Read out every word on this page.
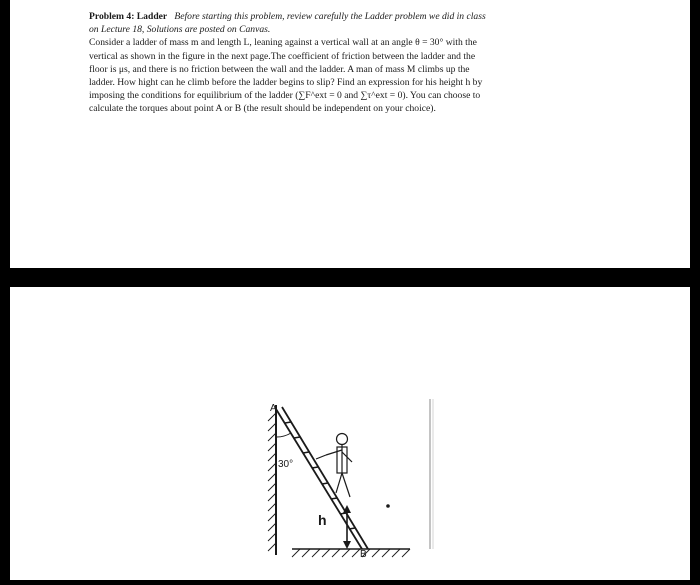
Problem 4: Ladder Before starting this problem, review carefully the Ladder problem we did in class
on Lecture 18, Solutions are posted on Canvas.
Consider a ladder of mass m and length L, leaning against a vertical wall at an angle θ = 30° with the
vertical as shown in the figure in the next page.The coefficient of friction between the ladder and the
floor is μs, and there is no friction between the wall and the ladder. A man of mass M climbs up the
ladder. How hight can he climb before the ladder begins to slip? Find an expression for his height h by
imposing the conditions for equilibrium of the ladder (∑F^ext = 0 and ∑τ^ext = 0). You can choose to
calculate the torques about point A or B (the result should be independent on your choice).
A
B
30°
h
